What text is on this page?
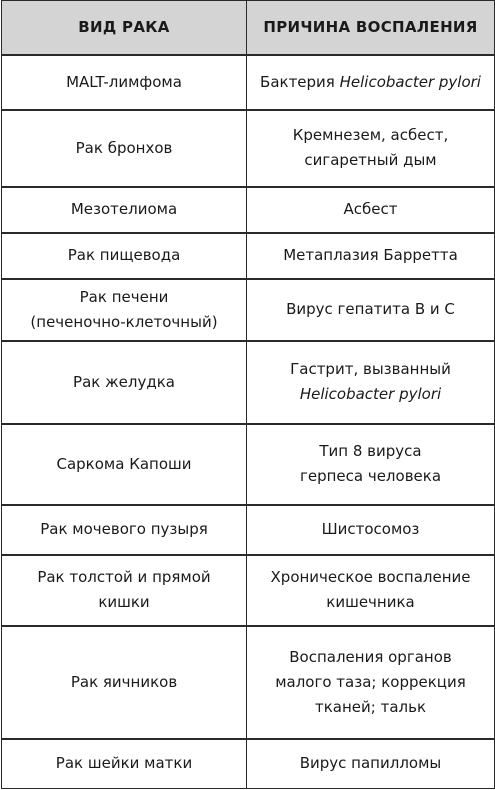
ВИД РАКА	ПРИЧИНА ВОСПАЛЕНИЯ

MALT-лимфома	Бактерия Helicobacter pylori

Рак бронхов	Кремнезем, асбест,
сигаретный дым

Мезотелиома	Асбест

Рак пищевода	Метаплазия Барретта

Рак печени
(печеночно-клеточный)	Вирус гепатита В и С

Рак желудка	Гастрит, вызванный
Helicobacter pylori

Саркома Капоши	Тип 8 вируса
герпеса человека

Рак мочевого пузыря	Шистосомоз

Рак толстой и прямой
кишки	Хроническое воспаление
кишечника

Рак яичников	Воспаления органов
малого таза; коррекция
тканей; тальк

Рак шейки матки	Вирус папилломы
